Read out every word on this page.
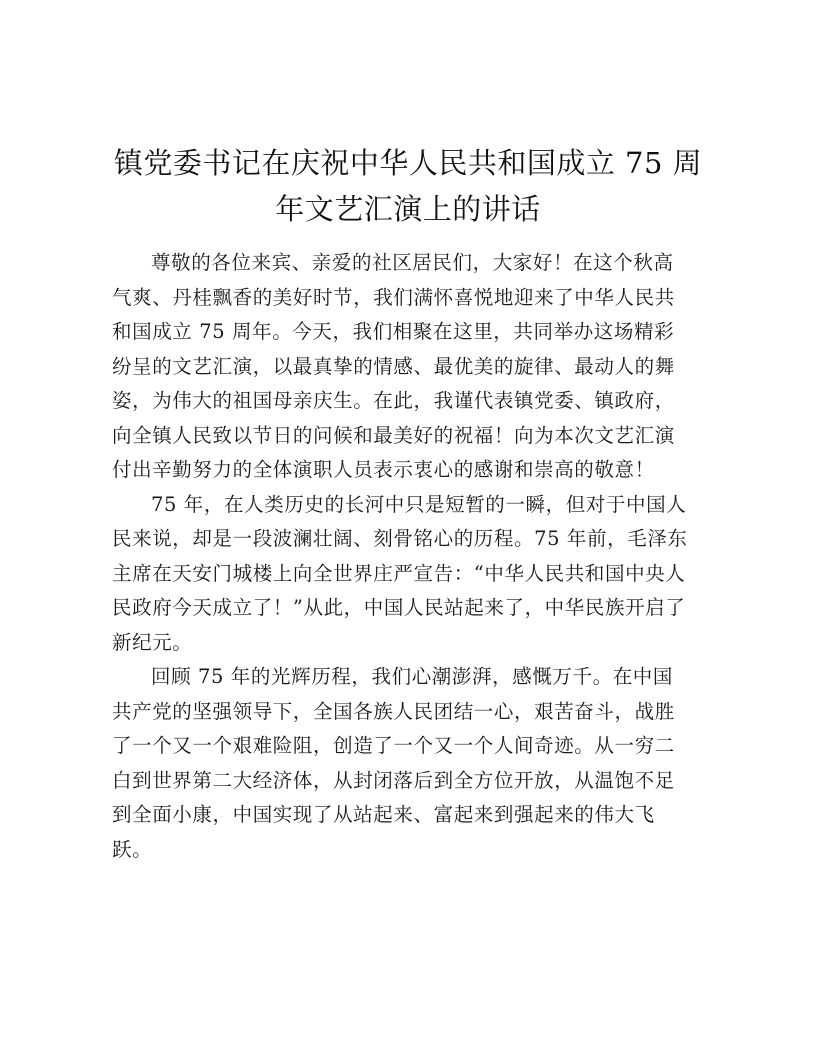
镇党委书记在庆祝中华人民共和国成立 75 周
年文艺汇演上的讲话

尊敬的各位来宾、亲爱的社区居民们，大家好！在这个秋高
气爽、丹桂飘香的美好时节，我们满怀喜悦地迎来了中华人民共
和国成立 75 周年。今天，我们相聚在这里，共同举办这场精彩
纷呈的文艺汇演，以最真挚的情感、最优美的旋律、最动人的舞
姿，为伟大的祖国母亲庆生。在此，我谨代表镇党委、镇政府，
向全镇人民致以节日的问候和最美好的祝福！向为本次文艺汇演
付出辛勤努力的全体演职人员表示衷心的感谢和崇高的敬意！

75 年，在人类历史的长河中只是短暂的一瞬，但对于中国人
民来说，却是一段波澜壮阔、刻骨铭心的历程。75 年前，毛泽东
主席在天安门城楼上向全世界庄严宣告：“中华人民共和国中央人
民政府今天成立了！”从此，中国人民站起来了，中华民族开启了
新纪元。

回顾 75 年的光辉历程，我们心潮澎湃，感慨万千。在中国
共产党的坚强领导下，全国各族人民团结一心，艰苦奋斗，战胜
了一个又一个艰难险阻，创造了一个又一个人间奇迹。从一穷二
白到世界第二大经济体，从封闭落后到全方位开放，从温饱不足
到全面小康，中国实现了从站起来、富起来到强起来的伟大飞
跃。
